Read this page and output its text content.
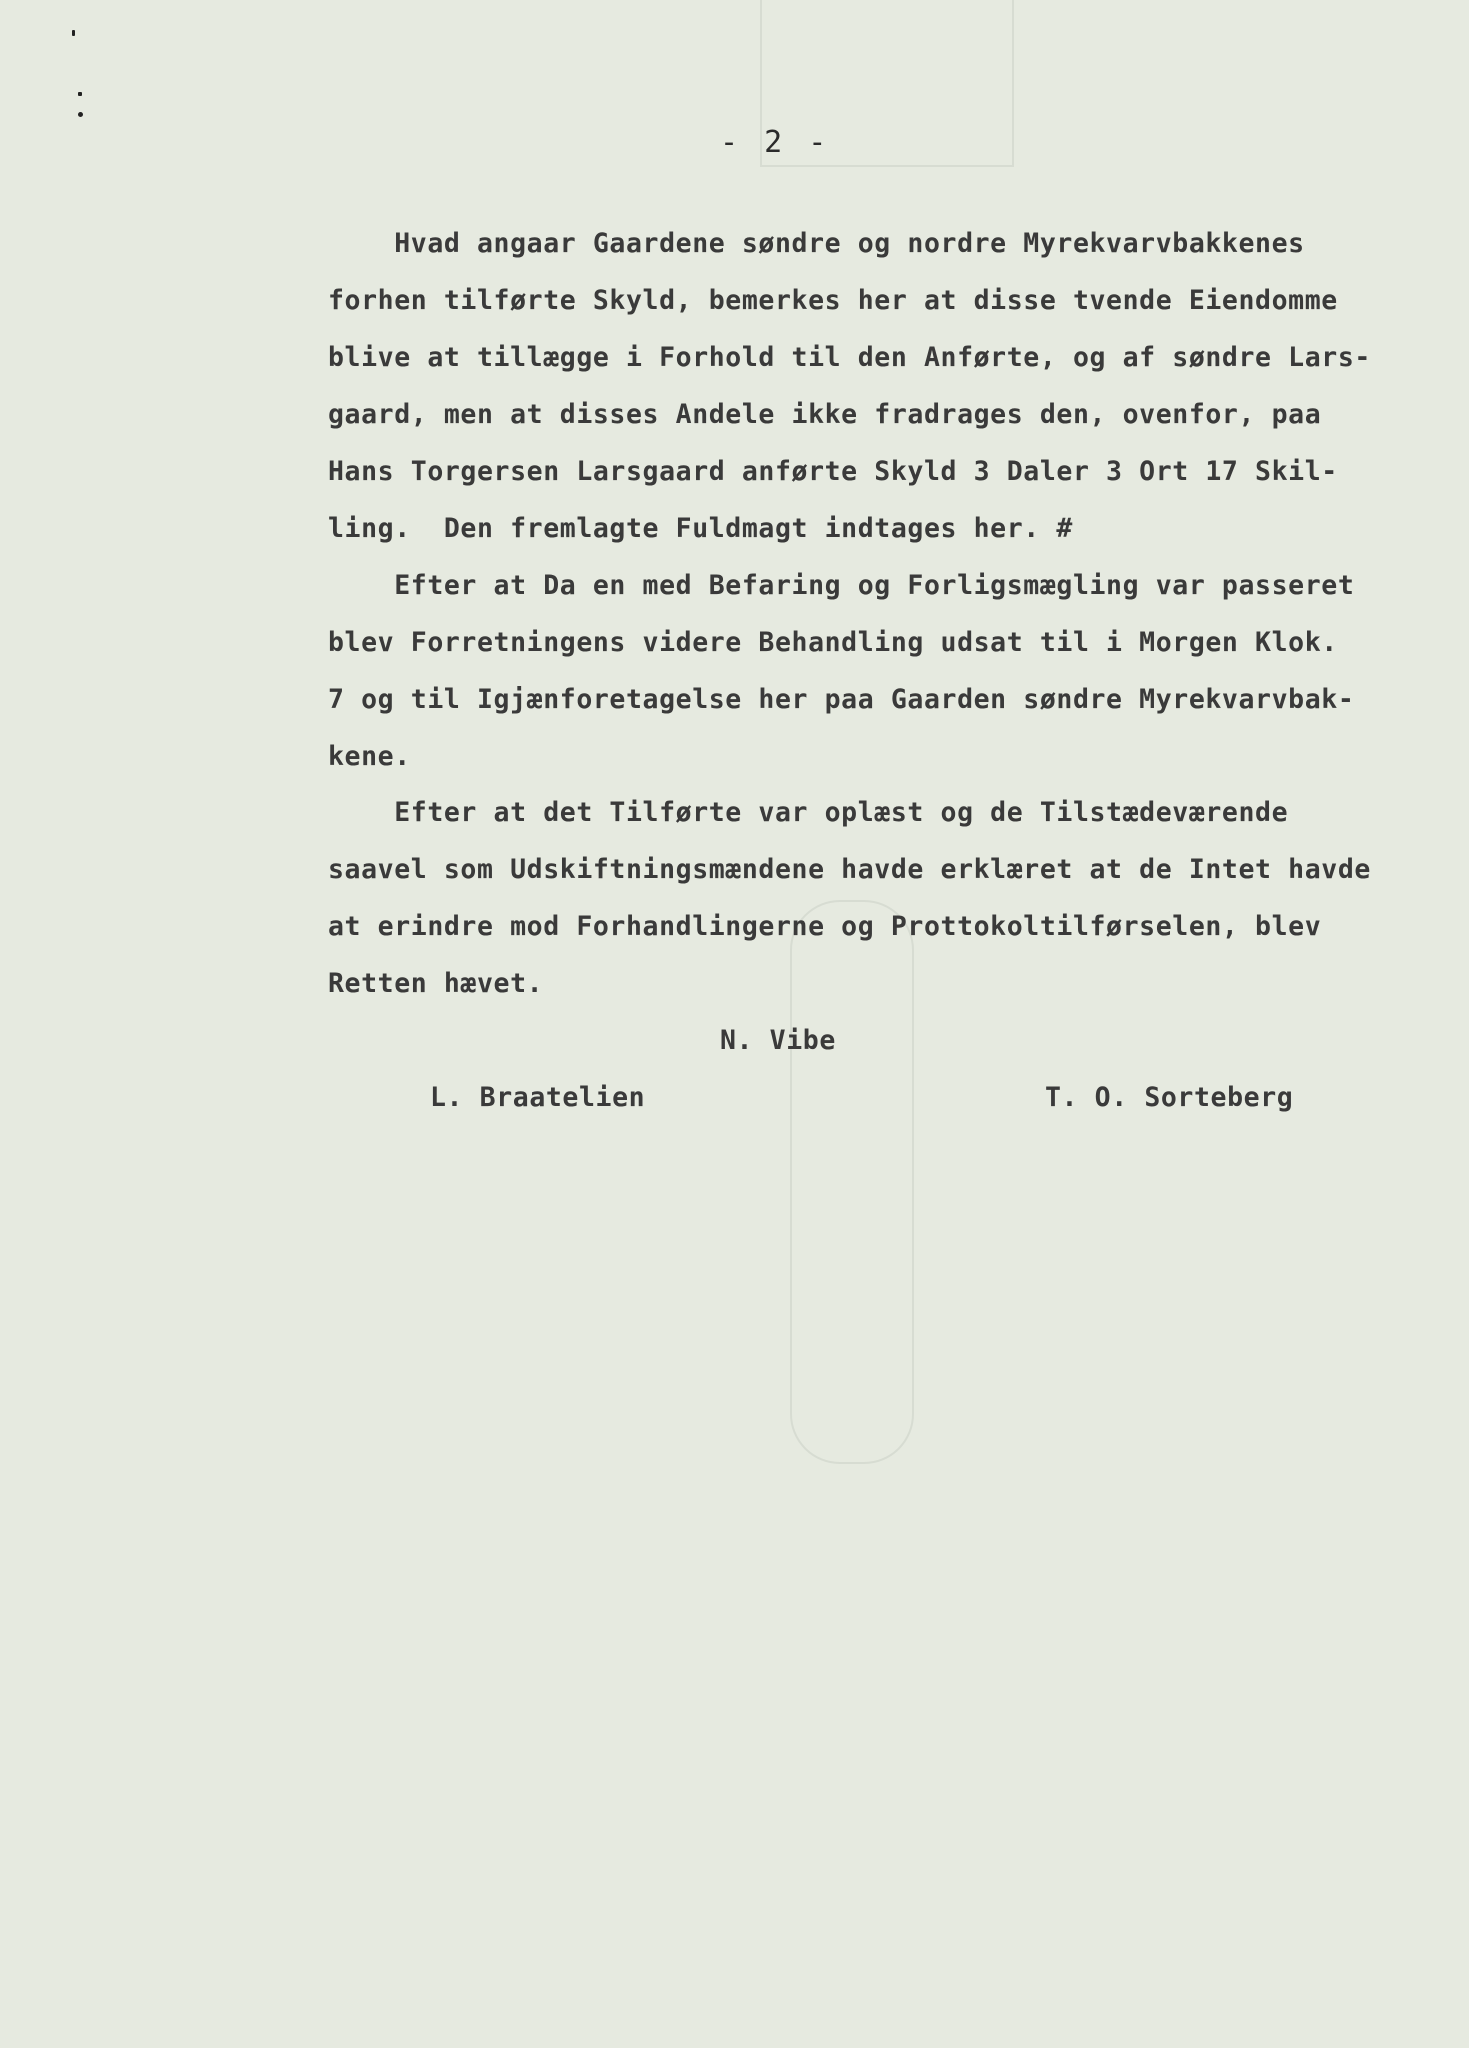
- 2 -
Hvad angaar Gaardene søndre og nordre Myrekvarvbakkenes
forhen tilførte Skyld, bemerkes her at disse tvende Eiendomme
blive at tillægge i Forhold til den Anførte, og af søndre Lars-
gaard, men at disses Andele ikke fradrages den, ovenfor, paa
Hans Torgersen Larsgaard anførte Skyld 3 Daler 3 Ort 17 Skil-
ling.  Den fremlagte Fuldmagt indtages her. #
Efter at Da en med Befaring og Forligsmægling var passeret
blev Forretningens videre Behandling udsat til i Morgen Klok.
7 og til Igjænforetagelse her paa Gaarden søndre Myrekvarvbak-
kene.
Efter at det Tilførte var oplæst og de Tilstædeværende
saavel som Udskiftningsmændene havde erklæret at de Intet havde
at erindre mod Forhandlingerne og Prottokoltilførselen, blev
Retten hævet.
N. Vibe
L. Braatelien	T. O. Sorteberg
